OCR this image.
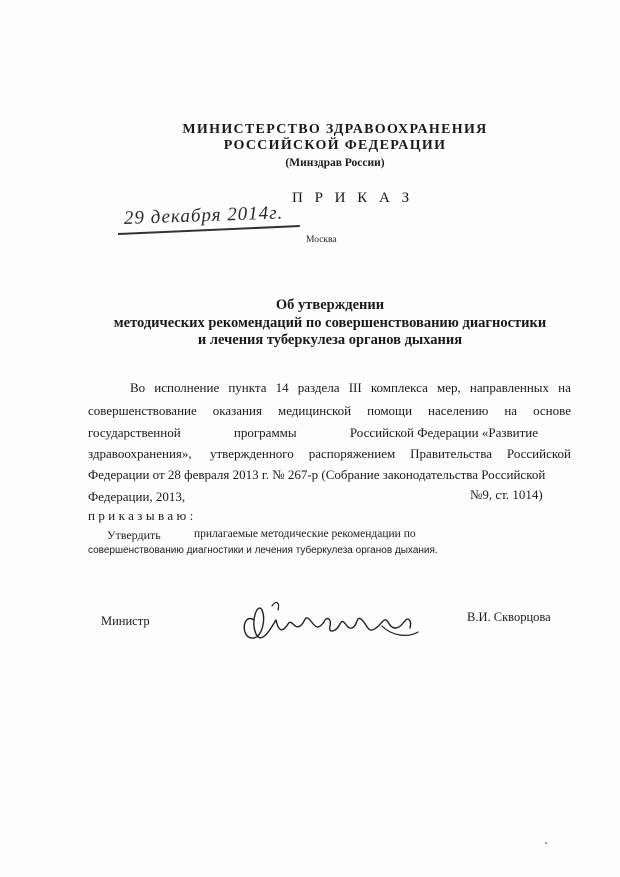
МИНИСТЕРСТВО ЗДРАВООХРАНЕНИЯ
РОССИЙСКОЙ ФЕДЕРАЦИИ
(Минздрав России)
П Р И К А З
29 декабря 2014г.
Москва
Об утверждении
методических рекомендаций по совершенствованию диагностики
и лечения туберкулеза органов дыхания
Во исполнение пункта 14 раздела III комплекса мер, направленных на
совершенствование оказания медицинской помощи населению на основе
государственной	программы	Российской Федерации «Развитие
здравоохранения», утвержденного распоряжением Правительства Российской
Федерации от 28 февраля 2013 г. № 267-р (Собрание законодательства Российской
Федерации, 2013,	№9, ст. 1014)
приказываю:
Утвердить	прилагаемые методические рекомендации по
совершенствованию диагностики и лечения туберкулеза органов дыхания.
Министр	В.И. Скворцова
